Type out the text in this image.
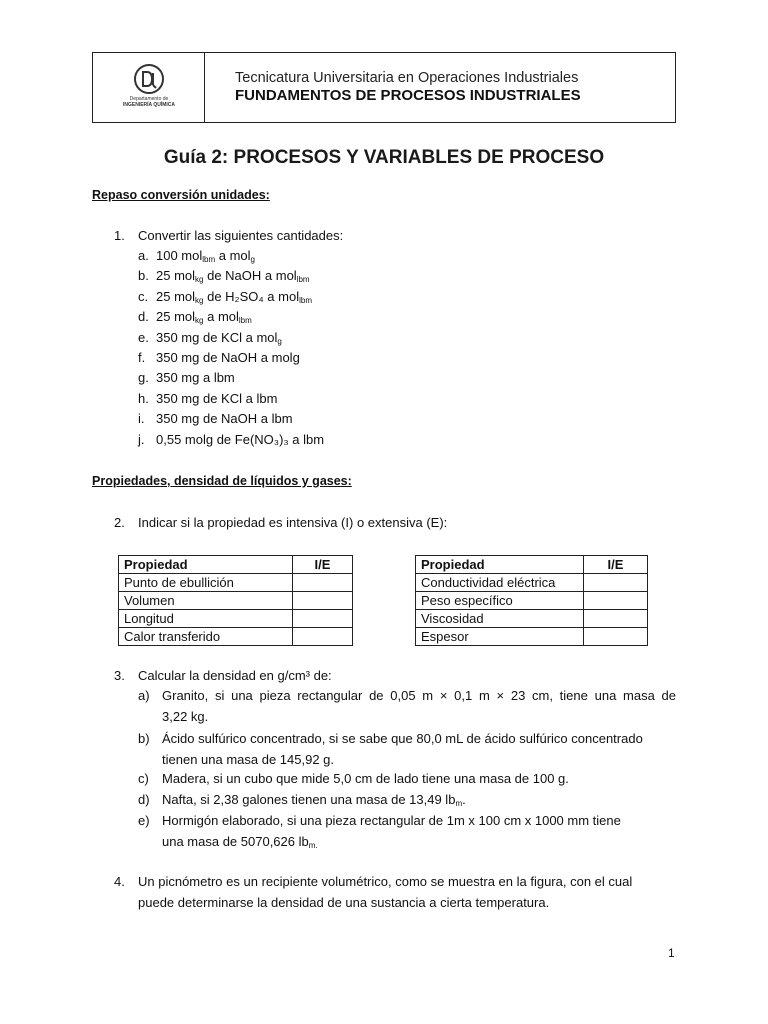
Departamento de
INGENIERÍA QUÍMICA
Tecnicatura Universitaria en Operaciones Industriales
FUNDAMENTOS DE PROCESOS INDUSTRIALES
Guía 2: PROCESOS Y VARIABLES DE PROCESO
Repaso conversión unidades:
1. Convertir las siguientes cantidades:
a. 100 mol$_{lbm}$ a mol$_g$
b. 25 mol$_{kg}$ de NaOH a mol$_{lbm}$
c. 25 mol$_{kg}$ de H₂SO₄ a mol$_{lbm}$
d. 25 mol$_{kg}$ a mol$_{lbm}$
e. 350 mg de KCl a mol$_g$
f. 350 mg de NaOH a molg
g. 350 mg a lbm
h. 350 mg de KCl a lbm
i. 350 mg de NaOH a lbm
j. 0,55 molg de Fe(NO₃)₃ a lbm
Propiedades, densidad de líquidos y gases:
2. Indicar si la propiedad es intensiva (I) o extensiva (E):
Propiedad	I/E
Punto de ebullición	
Volumen	
Longitud	
Calor transferido	
Propiedad	I/E
Conductividad eléctrica	
Peso específico	
Viscosidad	
Espesor	
3. Calcular la densidad en g/cm³ de:
a) Granito, si una pieza rectangular de 0,05 m × 0,1 m × 23 cm, tiene una masa de
3,22 kg.
b) Ácido sulfúrico concentrado, si se sabe que 80,0 mL de ácido sulfúrico concentrado
tienen una masa de 145,92 g.
c) Madera, si un cubo que mide 5,0 cm de lado tiene una masa de 100 g.
d) Nafta, si 2,38 galones tienen una masa de 13,49 $lb_m$.
e) Hormigón elaborado, si una pieza rectangular de 1m x 100 cm x 1000 mm tiene
una masa de 5070,626 $lb_{m.}$
4. Un picnómetro es un recipiente volumétrico, como se muestra en la figura, con el cual
puede determinarse la densidad de una sustancia a cierta temperatura.
1
